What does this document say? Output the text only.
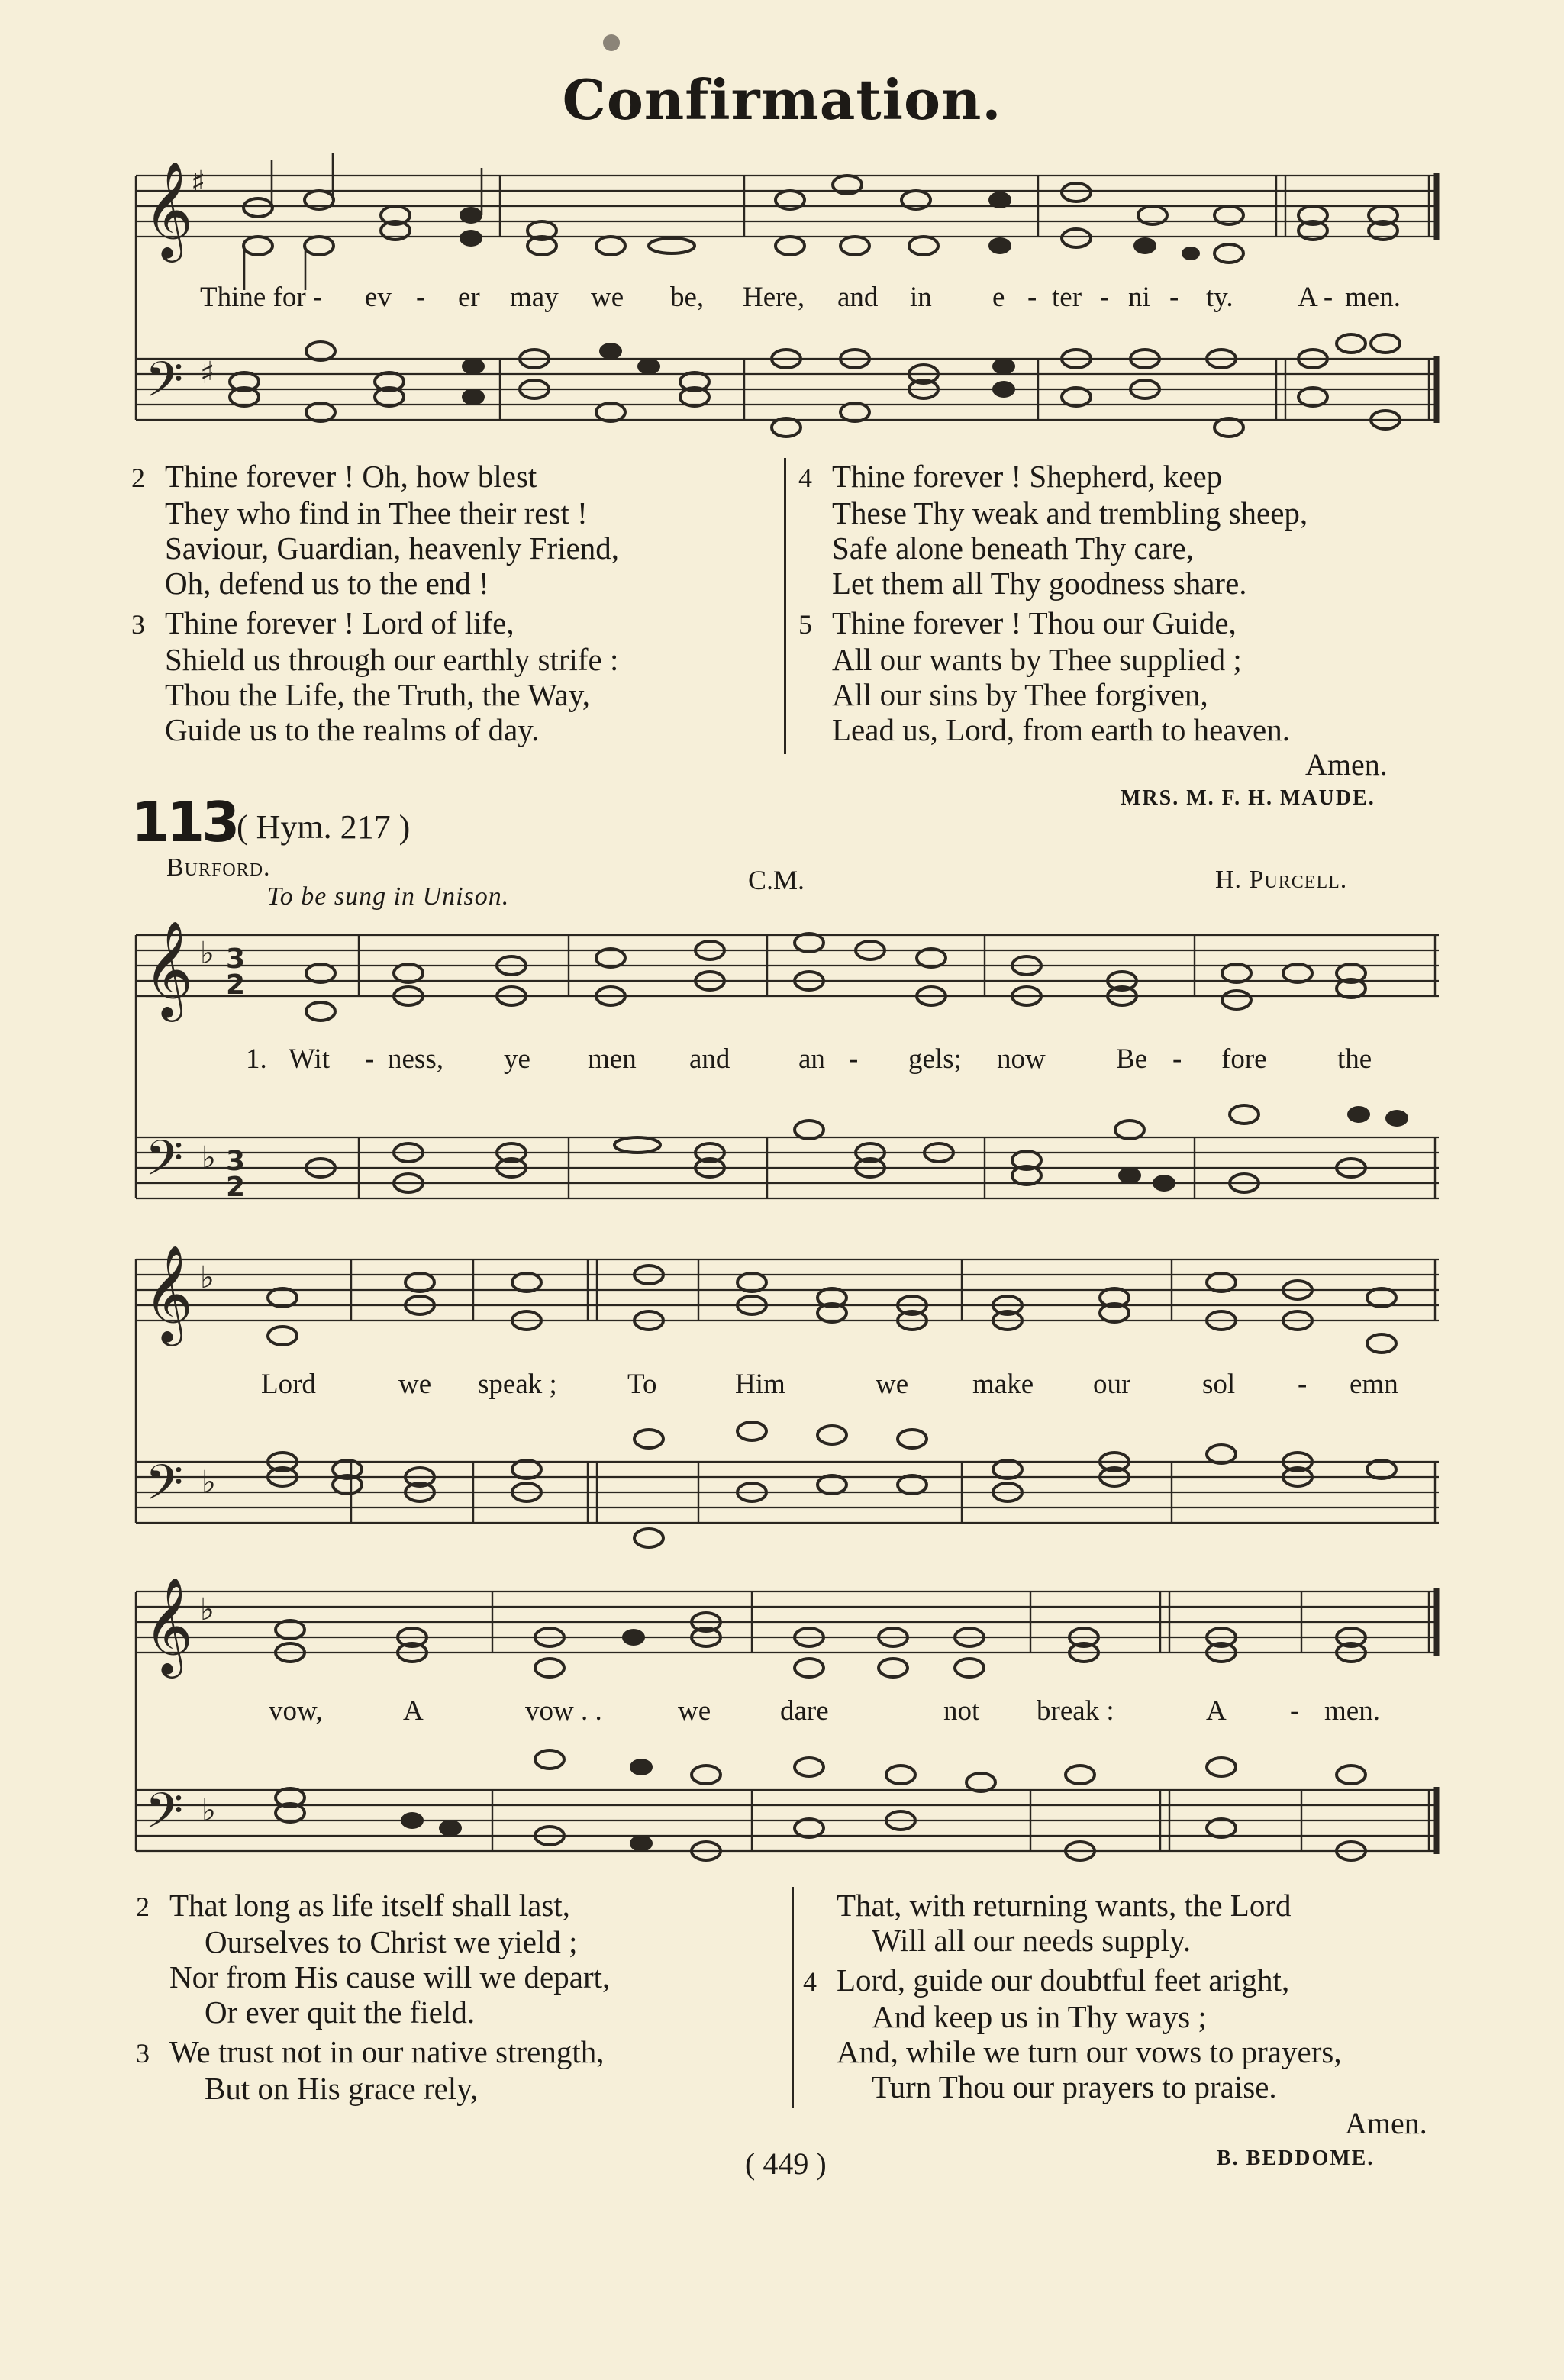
Confirmation.
𝄞
𝄢
♯
♯
𝄞
𝄢
♭
♭
3
2
3
2
𝄞
𝄢
♭
♭
𝄞
𝄢
♭
♭
Thine for - ev - er may we be, Here, and in e - ter - ni - ty. A - men.
2 Thine forever ! Oh, how blest
They who find in Thee their rest !
Saviour, Guardian, heavenly Friend,
Oh, defend us to the end !
3 Thine forever ! Lord of life,
Shield us through our earthly strife :
Thou the Life, the Truth, the Way,
Guide us to the realms of day.
4 Thine forever ! Shepherd, keep
These Thy weak and trembling sheep,
Safe alone beneath Thy care,
Let them all Thy goodness share.
5 Thine forever ! Thou our Guide,
All our wants by Thee supplied ;
All our sins by Thee forgiven,
Lead us, Lord, from earth to heaven.
Amen.
MRS. M. F. H. MAUDE.
113 ( Hym. 217 )
Burford.
To be sung in Unison.
C.M.	H. Purcell.
1. Wit - ness, ye men and an - gels; now Be - fore the
Lord	we speak ; To	Him	we make our	sol - emn
vow,	A	vow . .	we dare	not break :	A - men.
2 That long as life itself shall last,
Ourselves to Christ we yield ;
Nor from His cause will we depart,
Or ever quit the field.
3 We trust not in our native strength,
But on His grace rely,
That, with returning wants, the Lord
Will all our needs supply.
4 Lord, guide our doubtful feet aright,
And keep us in Thy ways ;
And, while we turn our vows to prayers,
Turn Thou our prayers to praise.
Amen.
B. BEDDOME.
( 449 )
